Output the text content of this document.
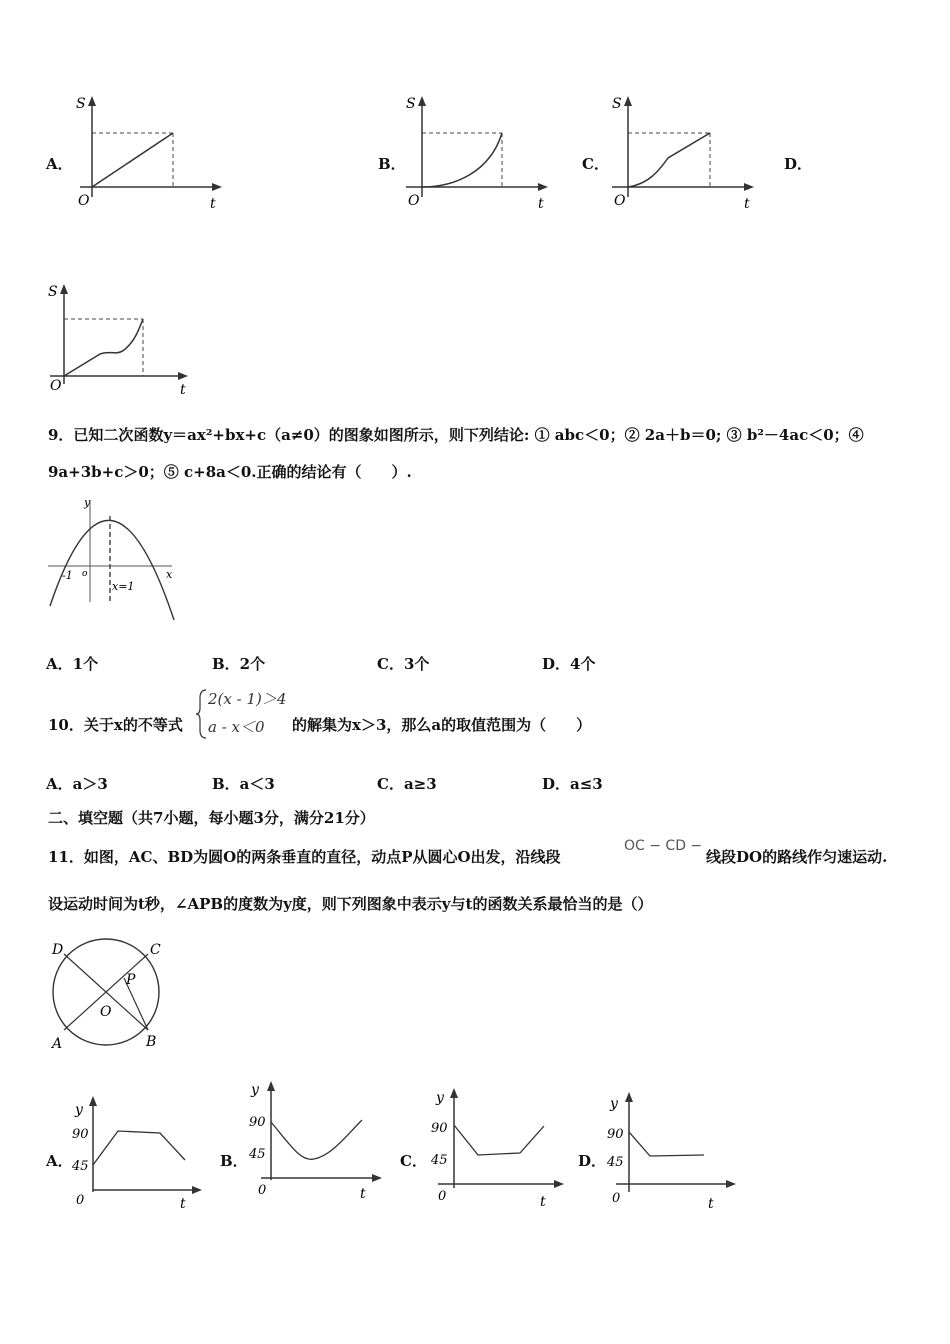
A．
S
t
O
B．
S
t
O
C．
S
t
O
D．
S
t
O
9．已知二次函数y＝ax²+bx+c（a≠0）的图象如图所示，则下列结论: ① abc＜0；② 2a＋b＝0; ③ b²－4ac＜0；④
9a+3b+c＞0；⑤ c+8a＜0.正确的结论有（　　）.
y
x
-1 o
x=1
A．1个	B．2个	C．3个	D．4个
10．关于x的不等式
2(x - 1)＞4
a - x＜0 的解集为x＞3，那么a的取值范围为（　　）
A．a＞3	B．a＜3	C．a≥3	D．a≤3
二、填空题（共7小题，每小题3分，满分21分）
11．如图，AC、BD为圆O的两条垂直的直径，动点P从圆心O出发，沿线段
OC − CD −
线段DO的路线作匀速运动.
设运动时间为t秒，∠APB的度数为y度，则下列图象中表示y与t的函数关系最恰当的是（）
D	C
P
O
A	B
A．
y
90
45
0	t
B．
y
90
45
0	t
C．
y
90
45
0	t
D．
y
90
45
0	t
